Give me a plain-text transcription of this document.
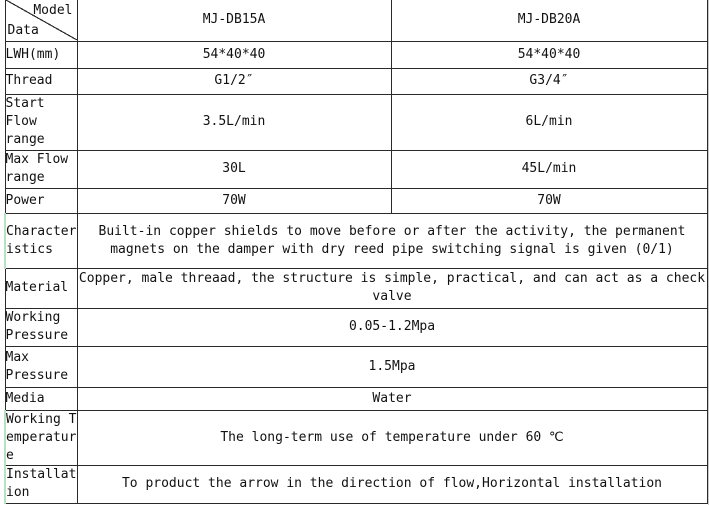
Model
Data	MJ-DB15A	MJ-DB20A
LWH(mm)	54*40*40	54*40*40
Thread	G1/2″	G3/4″
Start Flow range	3.5L/min	6L/min
Max Flow range	30L	45L/min
Power	70W	70W
Characteristics	Built-in copper shields to move before or after the activity, the permanent magnets on the damper with dry reed pipe switching signal is given (0/1)	
Material	Copper, male threaad, the structure is simple, practical, and can act as a check valve	
Working Pressure	0.05-1.2Mpa	
Max Pressure	1.5Mpa	
Media	Water	
Working Temperature	The long-term use of temperature under 60 ℃	
Installation	To product the arrow in the direction of flow,Horizontal installation	
